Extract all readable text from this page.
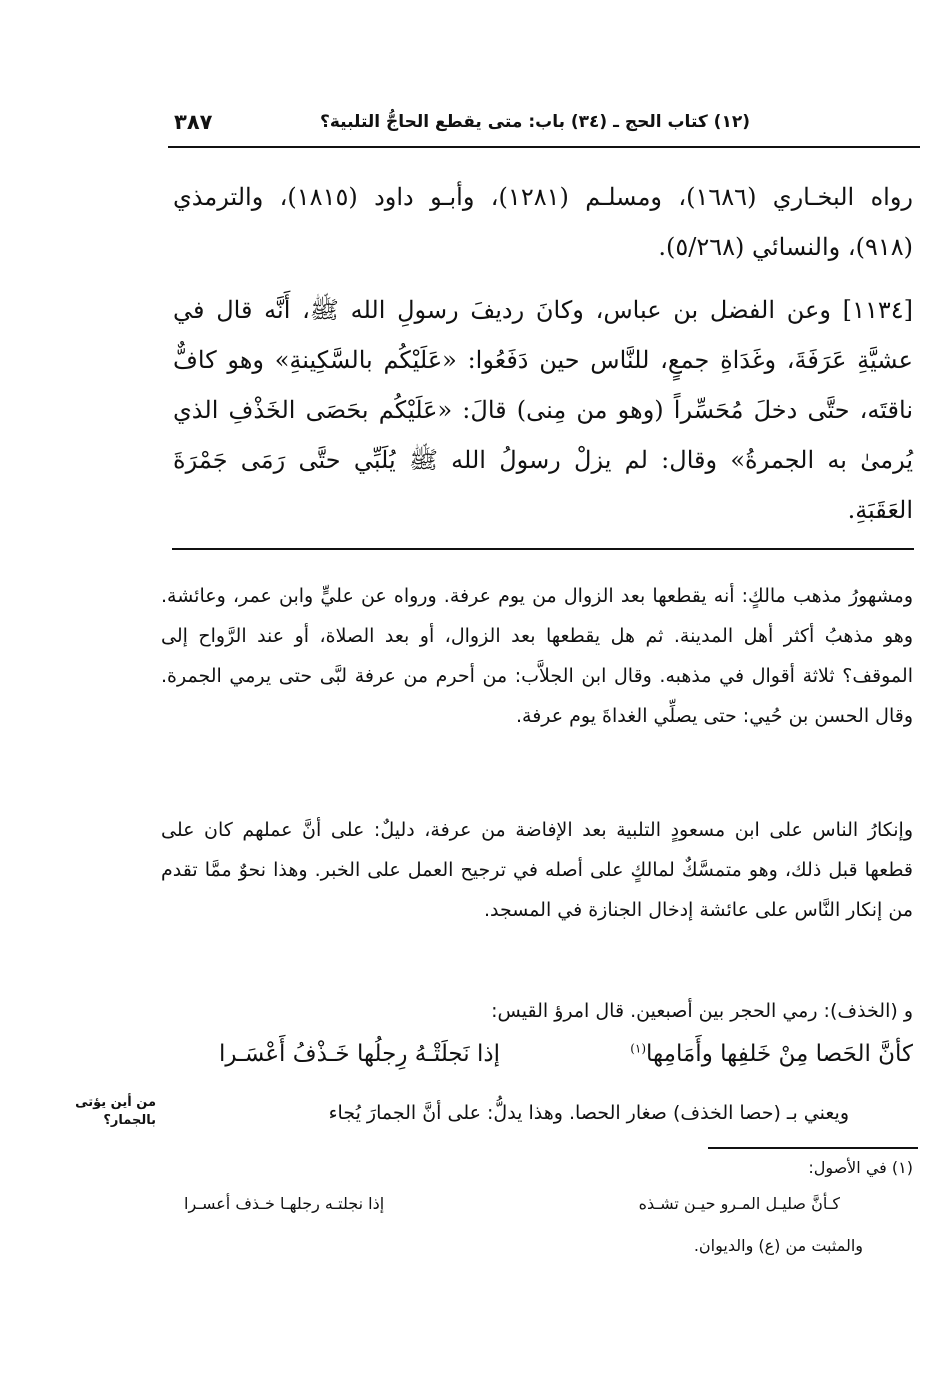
٣٨٧	(١٢) كتاب الحج ـ (٣٤) باب: متى يقطع الحاجُّ التلبية؟
رواه البخـاري (١٦٨٦)، ومسلـم (١٢٨١)، وأبـو داود (١٨١٥)، والترمذي (٩١٨)، والنسائي (٥/٢٦٨).
[١١٣٤] وعن الفضل بن عباس، وكانَ رديفَ رسولِ الله ﷺ، أَنَّه قال في عشيَّةِ عَرَفَةَ، وغَدَاةِ جمعٍ، للنَّاس حين دَفَعُوا: «عَلَيْكُم بالسَّكِينةِ» وهو كافٌّ ناقتَه، حتَّى دخلَ مُحَسِّراً (وهو من مِنى) قالَ: «عَلَيْكُم بحَصَى الخَذْفِ الذي يُرمىٰ به الجمرةُ» وقال: لم يزلْ رسولُ الله ﷺ يُلَبِّي حتَّى رَمَى جَمْرَةَ العَقَبَةِ.
ومشهورُ مذهب مالكٍ: أنه يقطعها بعد الزوال من يوم عرفة. ورواه عن عليٍّ وابن عمر، وعائشة. وهو مذهبُ أكثر أهل المدينة. ثم هل يقطعها بعد الزوال، أو بعد الصلاة، أو عند الرَّواح إلى الموقف؟ ثلاثة أقوال في مذهبه. وقال ابن الجلاَّب: من أحرم من عرفة لبَّى حتى يرمي الجمرة. وقال الحسن بن حُيي: حتى يصلِّي الغداةَ يوم عرفة.
وإنكارُ الناس على ابن مسعودٍ التلبية بعد الإفاضة من عرفة، دليلٌ: على أنَّ عملهم كان على قطعها قبل ذلك، وهو متمسَّكٌ لمالكٍ على أصله في ترجيح العمل على الخبر. وهذا نحوٌ ممَّا تقدم من إنكار النَّاس على عائشة إدخال الجنازة في المسجد.
و (الخذف): رمي الحجر بين أصبعين. قال امرؤ القيس:
كأنَّ الحَصا مِنْ خَلفِها وأَمَامِها$^{(١)}$
إذا نَجلَتْـهُ رِجلُها خَـذْفُ أَعْسَـرا
ويعني بـ (حصا الخذف) صغار الحصا. وهذا يدلُّ: على أنَّ الجمارَ يُجاء
من أين يؤتى بالجمار؟
(١) في الأصول:
كـأنَّ صليـل المـرو حيـن تشـذه
إذا نجلتـه رجلهـا خـذف أعسـرا
والمثبت من (ع) والديوان.
